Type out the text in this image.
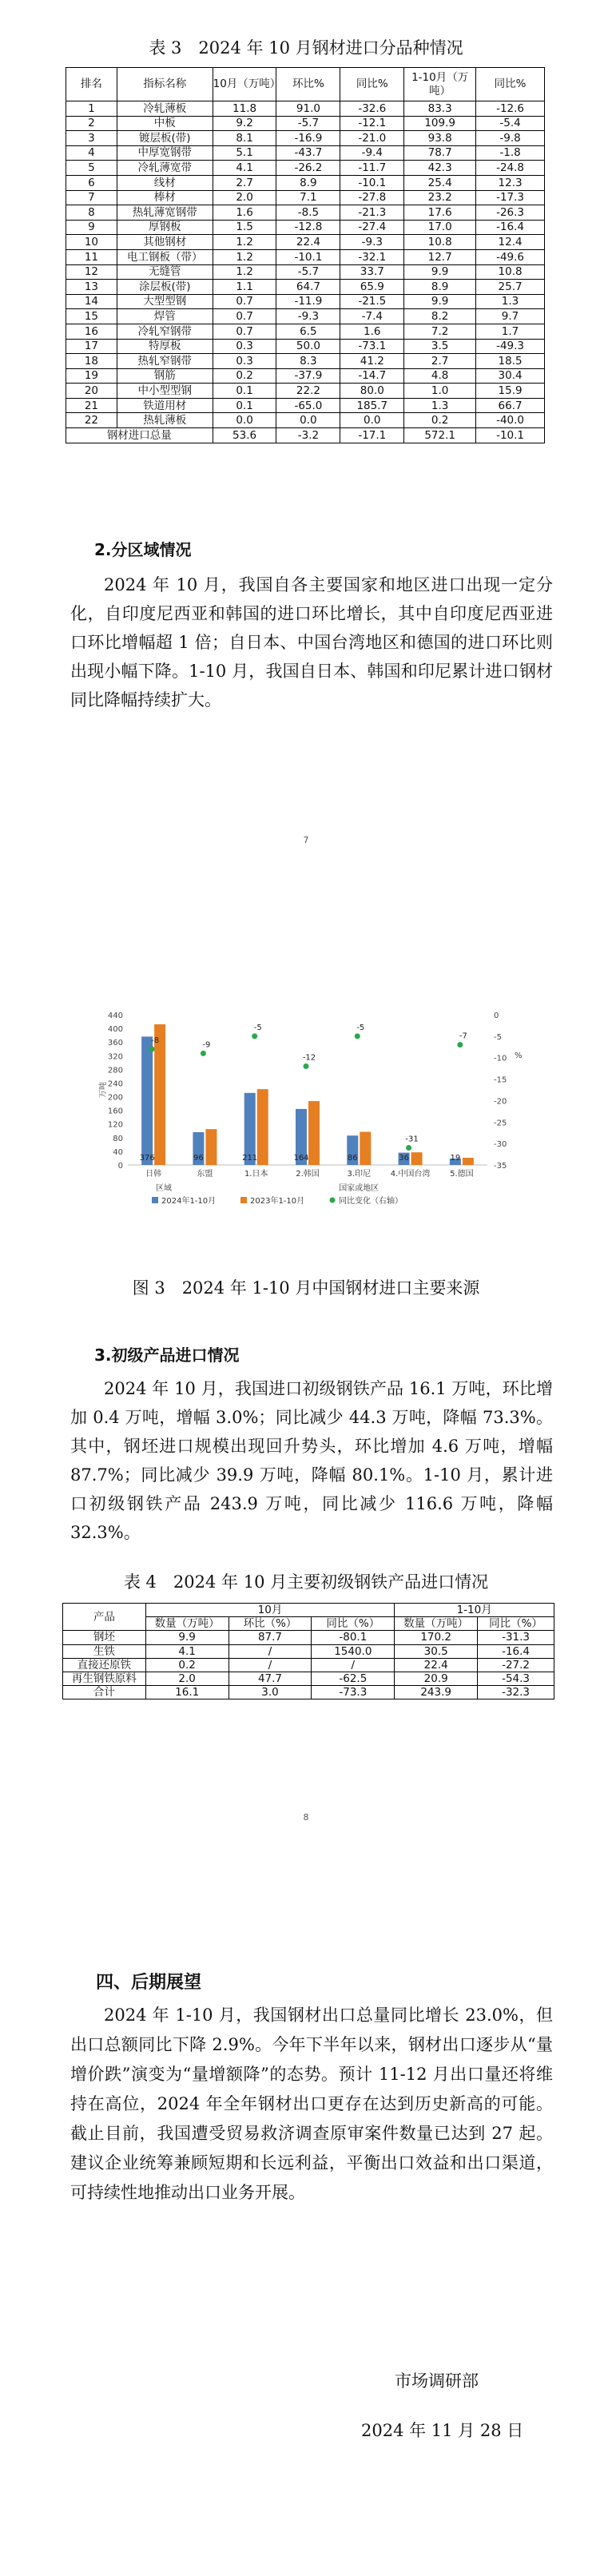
表 3　2024 年 10 月钢材进口分品种情况
排名	指标名称	10月（万吨）	环比%	同比%	1-10月（万吨）	同比%
1	冷轧薄板	11.8	91.0	-32.6	83.3	-12.6
2	中板	9.2	-5.7	-12.1	109.9	-5.4
3	镀层板(带)	8.1	-16.9	-21.0	93.8	-9.8
4	中厚宽钢带	5.1	-43.7	-9.4	78.7	-1.8
5	冷轧薄宽带	4.1	-26.2	-11.7	42.3	-24.8
6	线材	2.7	8.9	-10.1	25.4	12.3
7	棒材	2.0	7.1	-27.8	23.2	-17.3
8	热轧薄宽钢带	1.6	-8.5	-21.3	17.6	-26.3
9	厚钢板	1.5	-12.8	-27.4	17.0	-16.4
10	其他钢材	1.2	22.4	-9.3	10.8	12.4
11	电工钢板（带）	1.2	-10.1	-32.1	12.7	-49.6
12	无缝管	1.2	-5.7	33.7	9.9	10.8
13	涂层板(带)	1.1	64.7	65.9	8.9	25.7
14	大型型钢	0.7	-11.9	-21.5	9.9	1.3
15	焊管	0.7	-9.3	-7.4	8.2	9.7
16	冷轧窄钢带	0.7	6.5	1.6	7.2	1.7
17	特厚板	0.3	50.0	-73.1	3.5	-49.3
18	热轧窄钢带	0.3	8.3	41.2	2.7	18.5
19	钢筋	0.2	-37.9	-14.7	4.8	30.4
20	中小型型钢	0.1	22.2	80.0	1.0	15.9
21	铁道用材	0.1	-65.0	185.7	1.3	66.7
22	热轧薄板	0.0	0.0	0.0	0.2	-40.0
钢材进口总量		53.6	-3.2	-17.1	572.1	-10.1
2.分区域情况
2024 年 10 月，我国自各主要国家和地区进口出现一定分化，自印度尼西亚和韩国的进口环比增长，其中自印度尼西亚进口环比增幅超 1 倍；自日本、中国台湾地区和德国的进口环比则出现小幅下降。1-10 月，我国自日本、韩国和印尼累计进口钢材同比降幅持续扩大。
7
440
400
360
320
280
240
200
160
120
80
40
0
0
-5
-10
-15
-20
-25
-30
-35
万吨
%
376
-8
日韩
96
-9
东盟
211
-5
1.日本
164
-12
2.韩国
86
-5
3.印尼
36
-31
4.中国台湾
19
-7
5.德国
区域	国家或地区
2024年1-10月	2023年1-10月	同比变化（右轴）
图 3　2024 年 1-10 月中国钢材进口主要来源
3.初级产品进口情况
2024 年 10 月，我国进口初级钢铁产品 16.1 万吨，环比增加 0.4 万吨，增幅 3.0%；同比减少 44.3 万吨，降幅 73.3%。其中，钢坯进口规模出现回升势头，环比增加 4.6 万吨，增幅 87.7%；同比减少 39.9 万吨，降幅 80.1%。1-10 月，累计进口初级钢铁产品 243.9 万吨，同比减少 116.6 万吨，降幅 32.3%。
表 4　2024 年 10 月主要初级钢铁产品进口情况
产品	10月			1-10月	
	数量（万吨）	环比（%）	同比（%）	数量（万吨）	同比（%）
钢坯	9.9	87.7	-80.1	170.2	-31.3
生铁	4.1	/	1540.0	30.5	-16.4
直接还原铁	0.2	/	/	22.4	-27.2
再生钢铁原料	2.0	47.7	-62.5	20.9	-54.3
合计	16.1	3.0	-73.3	243.9	-32.3
8
四、后期展望
2024 年 1-10 月，我国钢材出口总量同比增长 23.0%，但出口总额同比下降 2.9%。今年下半年以来，钢材出口逐步从“量增价跌”演变为“量增额降”的态势。预计 11-12 月出口量还将维持在高位，2024 年全年钢材出口更存在达到历史新高的可能。截止目前，我国遭受贸易救济调查原审案件数量已达到 27 起。建议企业统筹兼顾短期和长远利益，平衡出口效益和出口渠道，可持续性地推动出口业务开展。
市场调研部
2024 年 11 月 28 日
